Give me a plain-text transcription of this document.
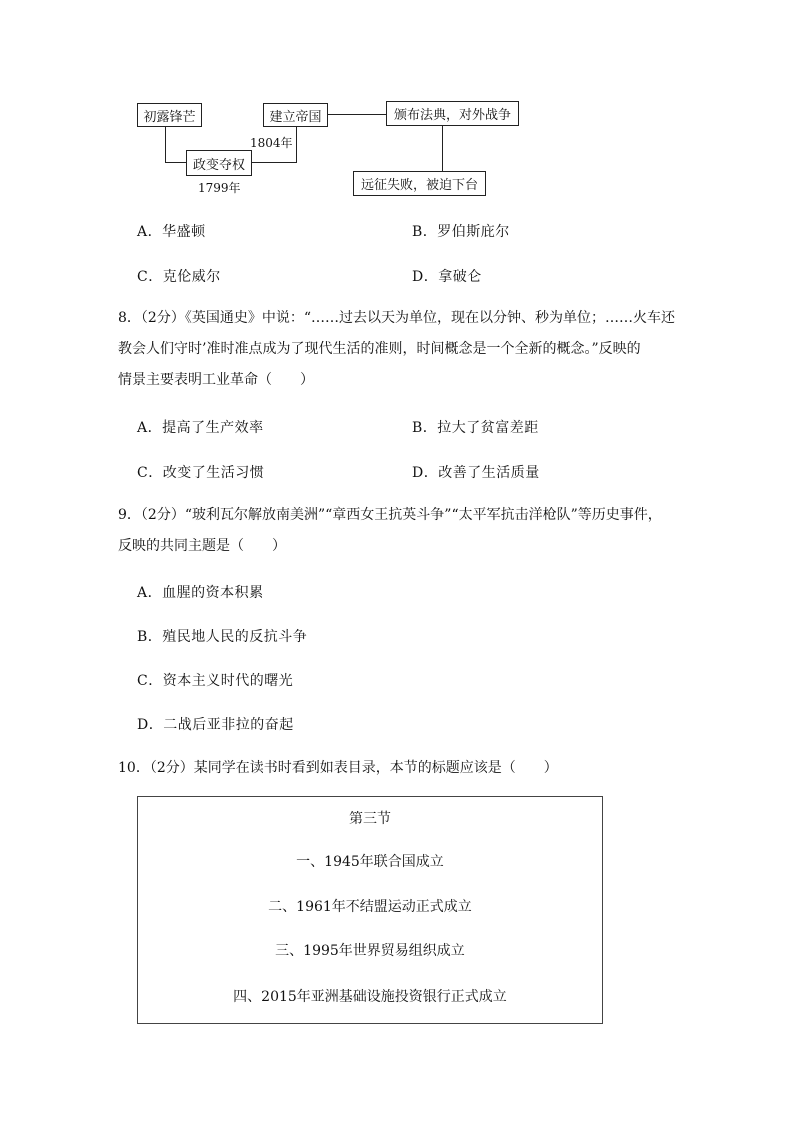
初露锋芒
政变夺权
1799年
1804年
建立帝国	颁布法典，对外战争
远征失败，被迫下台
A．华盛顿	B．罗伯斯庇尔
C．克伦威尔	D．拿破仑
8．（2分）《英国通史》中说：“……过去以天为单位，现在以分钟、秒为单位；……火车还
教会人们守时’准时准点成为了现代生活的准则，时间概念是一个全新的概念。”反映的
情景主要表明工业革命（　　）
A．提高了生产效率	B．拉大了贫富差距
C．改变了生活习惯	D．改善了生活质量
9．（2分）“玻利瓦尔解放南美洲”“章西女王抗英斗争”“太平军抗击洋枪队”等历史事件，
反映的共同主题是（　　）
A．血腥的资本积累
B．殖民地人民的反抗斗争
C．资本主义时代的曙光
D．二战后亚非拉的奋起
10．（2分）某同学在读书时看到如表目录，本节的标题应该是（　　）
第三节
一、1945年联合国成立
二、1961年不结盟运动正式成立
三、1995年世界贸易组织成立
四、2015年亚洲基础设施投资银行正式成立
